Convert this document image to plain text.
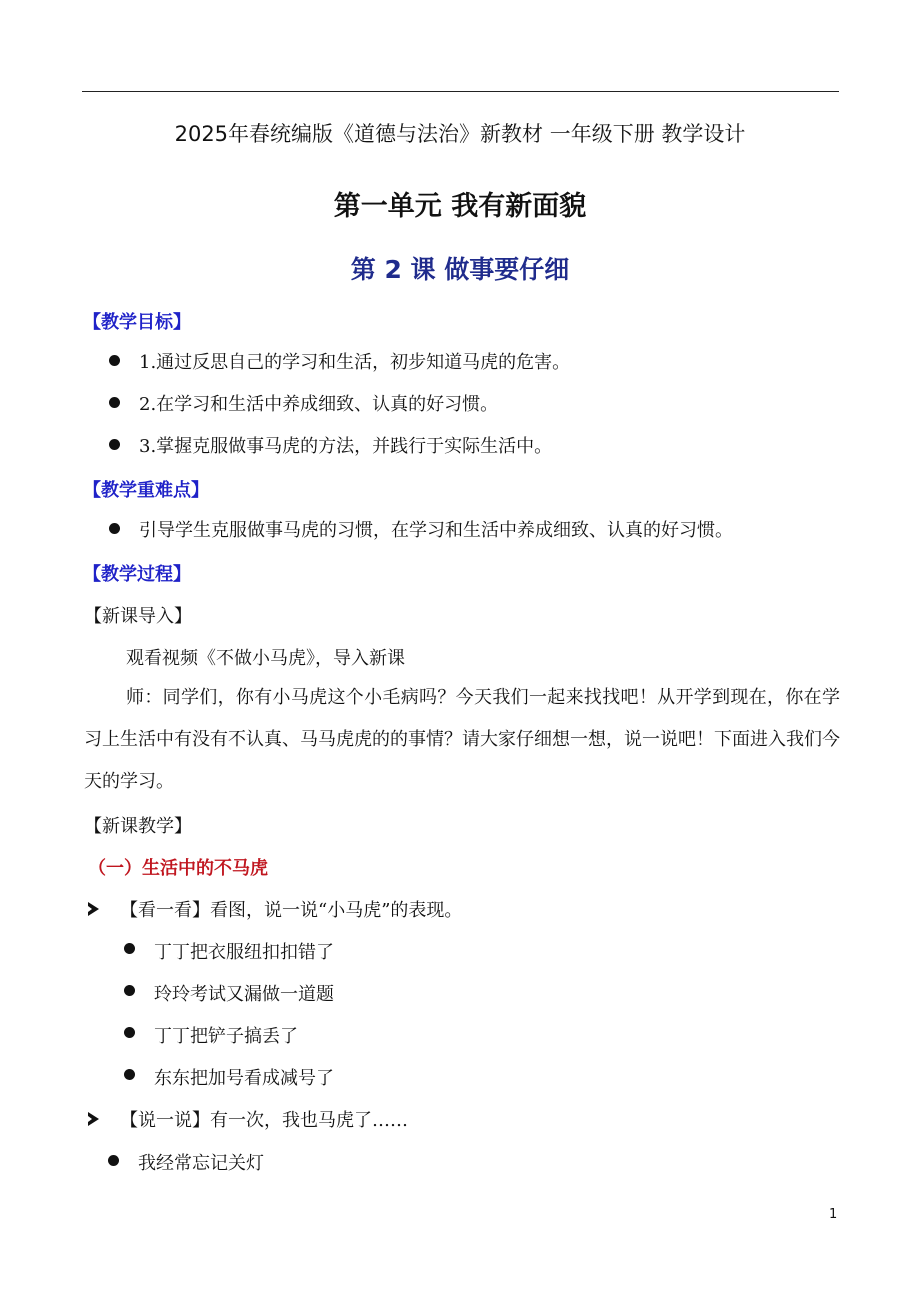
2025年春统编版《道德与法治》新教材 一年级下册 教学设计
第一单元 我有新面貌
第 2 课 做事要仔细
【教学目标】
1.通过反思自己的学习和生活，初步知道马虎的危害。
2.在学习和生活中养成细致、认真的好习惯。
3.掌握克服做事马虎的方法，并践行于实际生活中。
【教学重难点】
引导学生克服做事马虎的习惯，在学习和生活中养成细致、认真的好习惯。
【教学过程】
【新课导入】
观看视频《不做小马虎》，导入新课
师：同学们，你有小马虎这个小毛病吗？今天我们一起来找找吧！从开学到现在，你在学习上生活中有没有不认真、马马虎虎的的事情？请大家仔细想一想，说一说吧！下面进入我们今天的学习。
【新课教学】
（一）生活中的不马虎
【看一看】看图，说一说“小马虎”的表现。
丁丁把衣服纽扣扣错了
玲玲考试又漏做一道题
丁丁把铲子搞丢了
东东把加号看成减号了
【说一说】有一次，我也马虎了……
我经常忘记关灯
1
